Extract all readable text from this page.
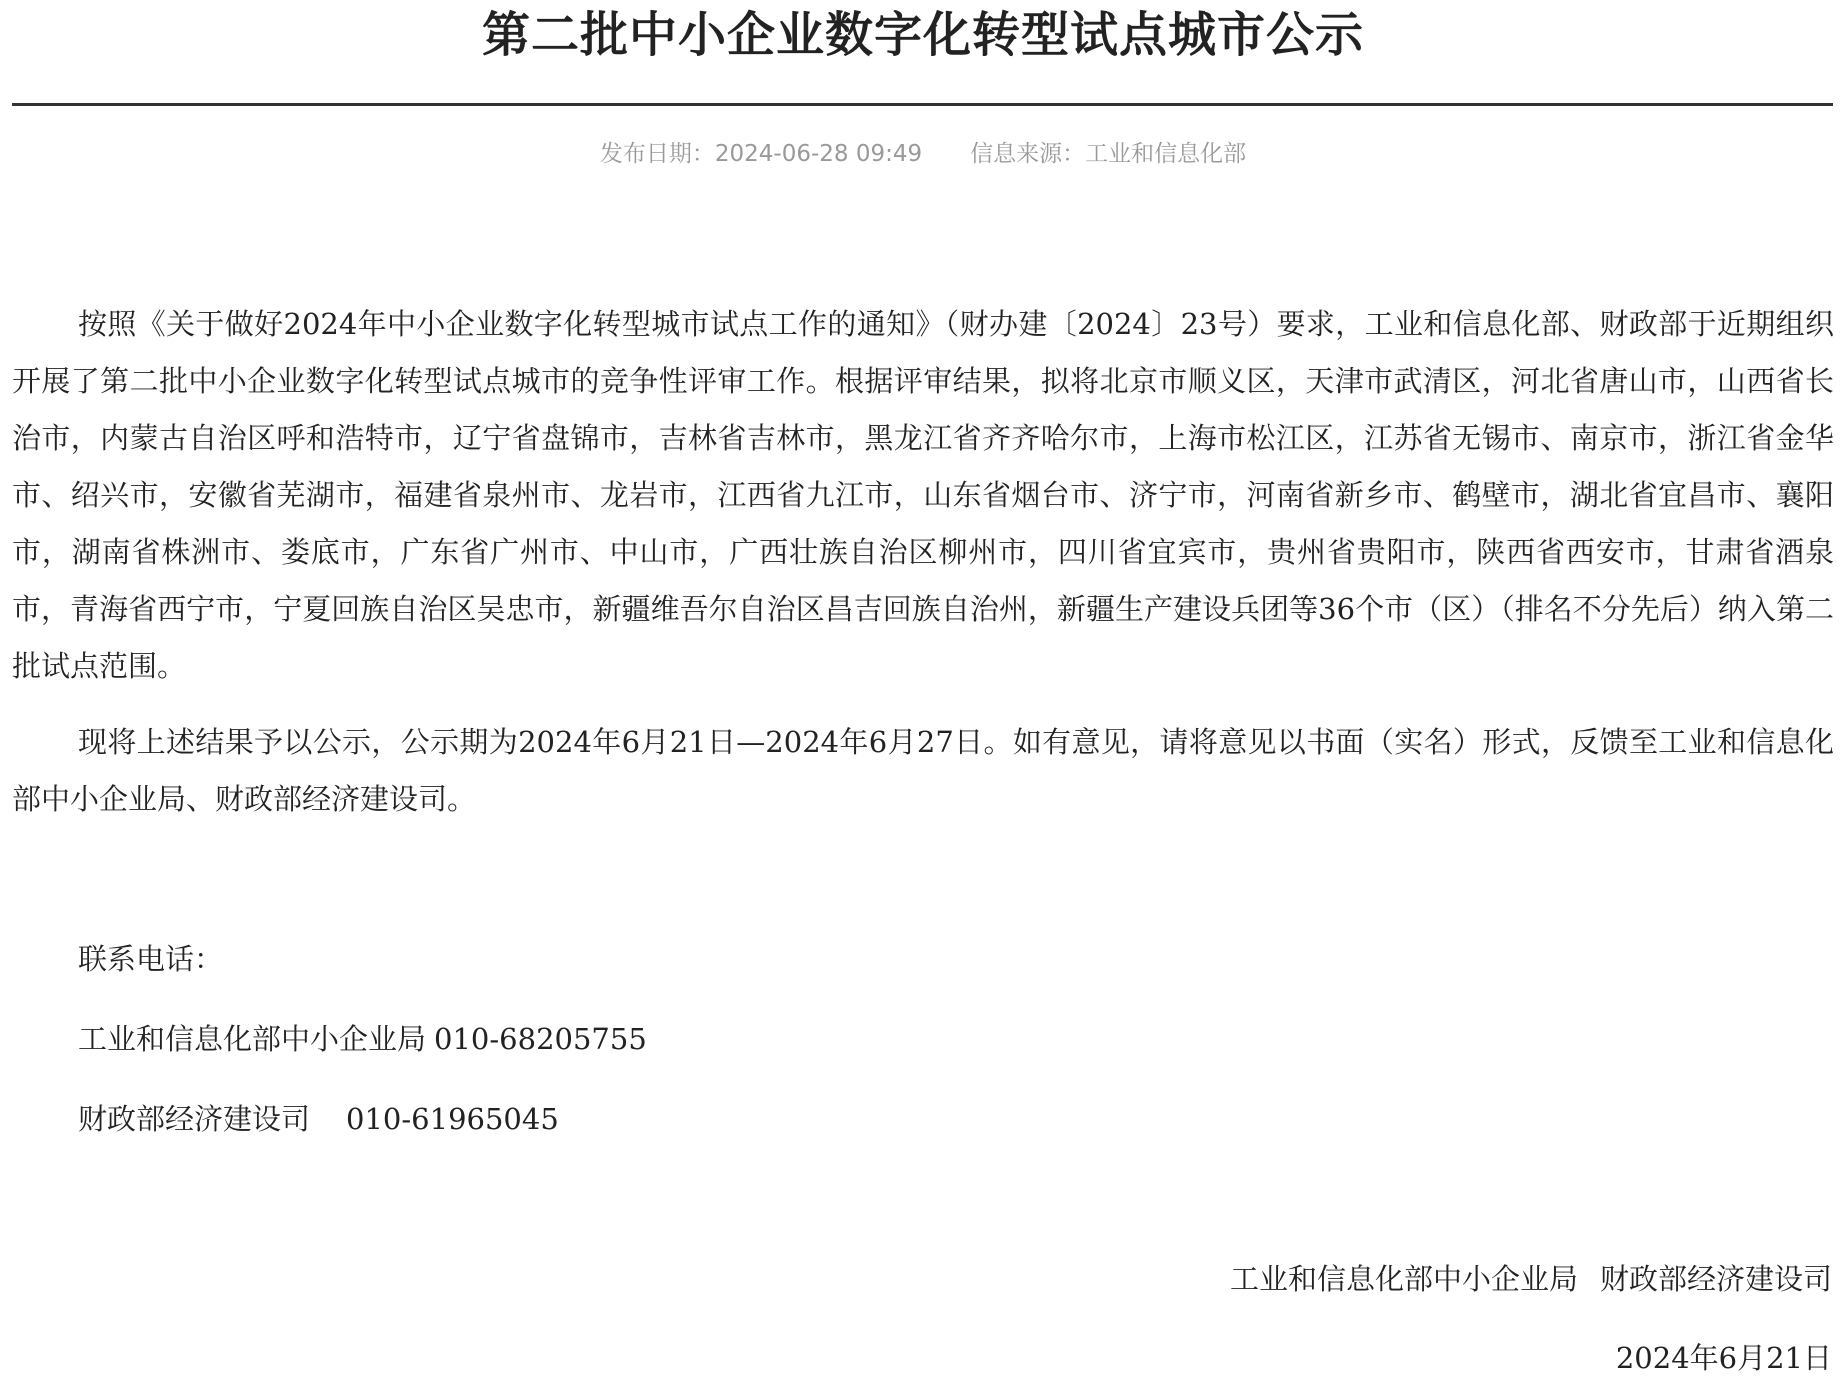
第二批中小企业数字化转型试点城市公示
发布日期：2024-06-28 09:49 信息来源：工业和信息化部
按照《关于做好2024年中小企业数字化转型城市试点工作的通知》（财办建〔2024〕23号）要求，工业和信息化部、财政部于近期组织开展了第二批中小企业数字化转型试点城市的竞争性评审工作。根据评审结果，拟将北京市顺义区，天津市武清区，河北省唐山市，山西省长治市，内蒙古自治区呼和浩特市，辽宁省盘锦市，吉林省吉林市，黑龙江省齐齐哈尔市，上海市松江区，江苏省无锡市、南京市，浙江省金华市、绍兴市，安徽省芜湖市，福建省泉州市、龙岩市，江西省九江市，山东省烟台市、济宁市，河南省新乡市、鹤壁市，湖北省宜昌市、襄阳市，湖南省株洲市、娄底市，广东省广州市、中山市，广西壮族自治区柳州市，四川省宜宾市，贵州省贵阳市，陕西省西安市，甘肃省酒泉市，青海省西宁市，宁夏回族自治区吴忠市，新疆维吾尔自治区昌吉回族自治州，新疆生产建设兵团等36个市（区）（排名不分先后）纳入第二批试点范围。
现将上述结果予以公示，公示期为2024年6月21日—2024年6月27日。如有意见，请将意见以书面（实名）形式，反馈至工业和信息化部中小企业局、财政部经济建设司。
联系电话：
工业和信息化部中小企业局 010-68205755
财政部经济建设司 010-61965045
工业和信息化部中小企业局 财政部经济建设司
2024年6月21日
